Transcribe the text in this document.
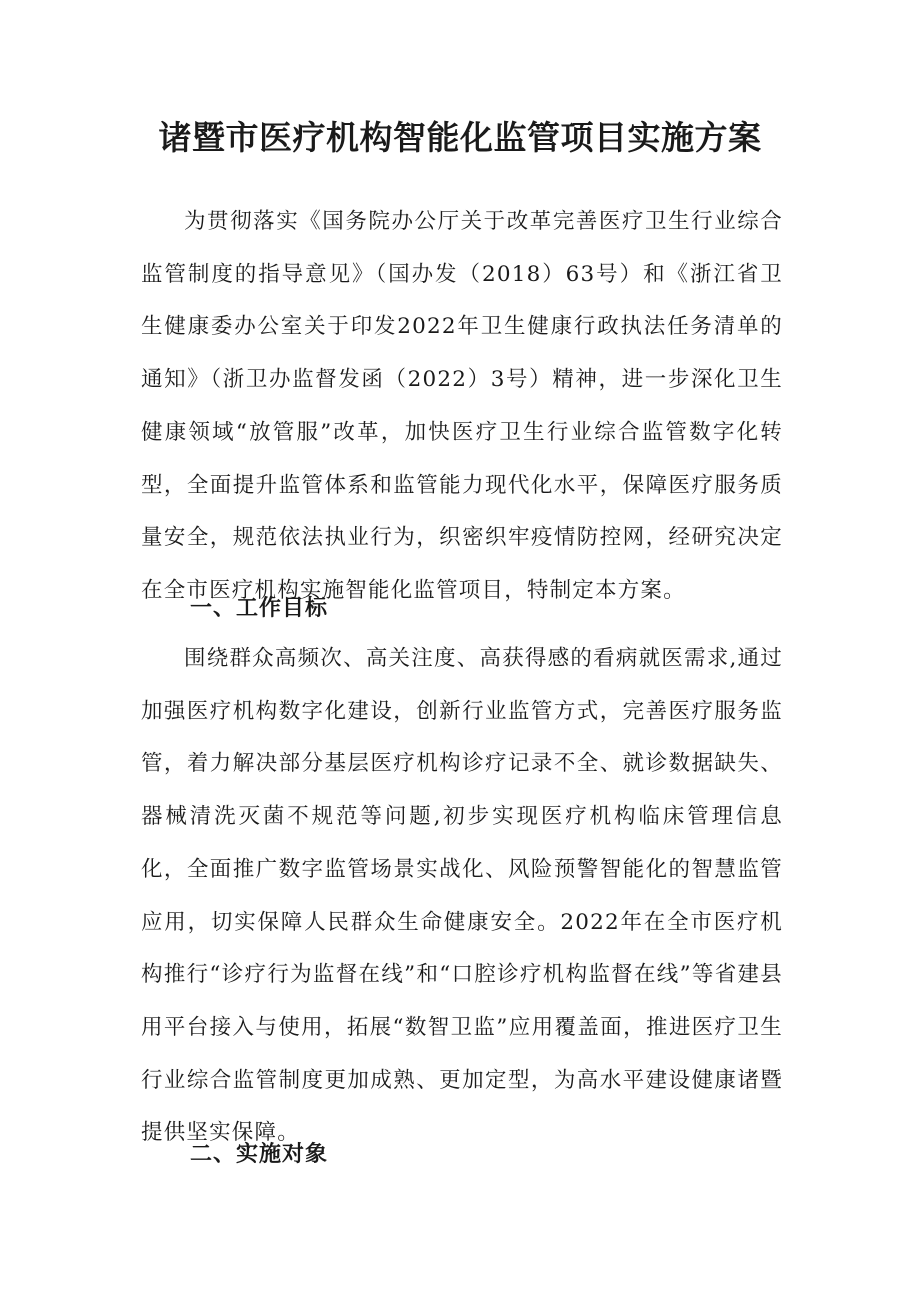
诸暨市医疗机构智能化监管项目实施方案

为贯彻落实《国务院办公厅关于改革完善医疗卫生行业综合监管制度的指导意见》（国办发（2018）63号）和《浙江省卫生健康委办公室关于印发2022年卫生健康行政执法任务清单的通知》（浙卫办监督发函（2022）3号）精神，进一步深化卫生健康领域“放管服”改革，加快医疗卫生行业综合监管数字化转型，全面提升监管体系和监管能力现代化水平，保障医疗服务质量安全，规范依法执业行为，织密织牢疫情防控网，经研究决定在全市医疗机构实施智能化监管项目，特制定本方案。

一、工作目标

围绕群众高频次、高关注度、高获得感的看病就医需求,通过加强医疗机构数字化建设，创新行业监管方式，完善医疗服务监管，着力解决部分基层医疗机构诊疗记录不全、就诊数据缺失、器械清洗灭菌不规范等问题,初步实现医疗机构临床管理信息化，全面推广数字监管场景实战化、风险预警智能化的智慧监管应用，切实保障人民群众生命健康安全。2022年在全市医疗机构推行“诊疗行为监督在线”和“口腔诊疗机构监督在线”等省建县用平台接入与使用，拓展“数智卫监”应用覆盖面，推进医疗卫生行业综合监管制度更加成熟、更加定型，为高水平建设健康诸暨提供坚实保障。

二、实施对象
